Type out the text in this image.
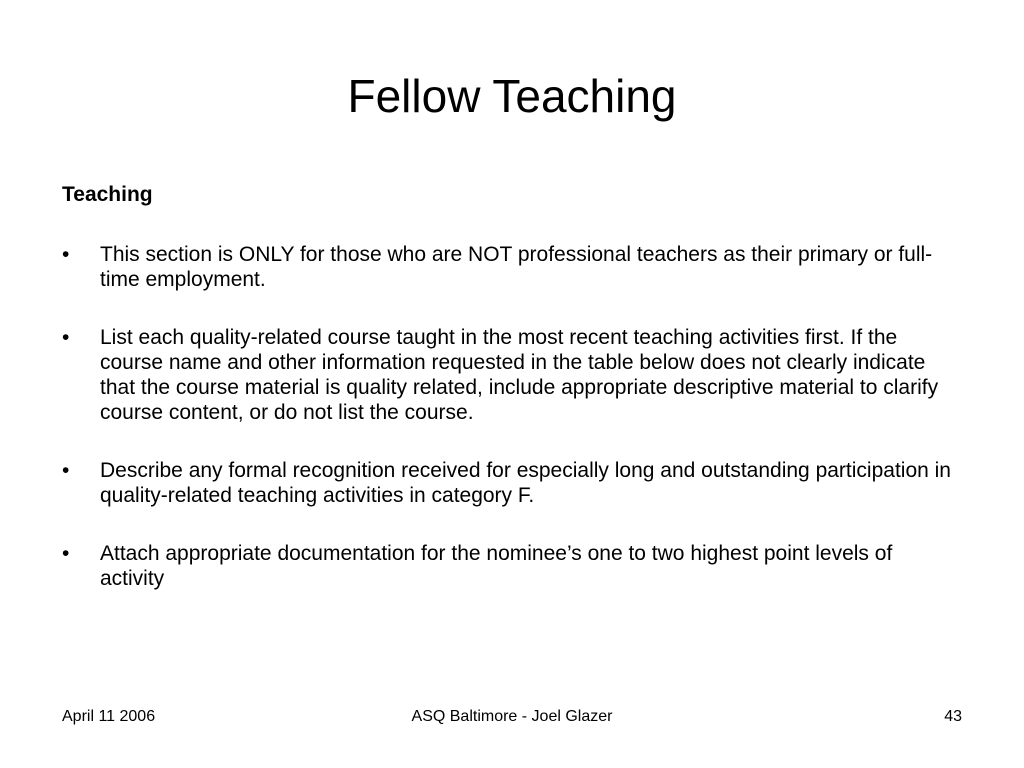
Fellow Teaching
Teaching
•	This section is ONLY for those who are NOT professional teachers as their primary or full-time employment.
•	List each quality-related course taught in the most recent teaching activities first. If the course name and other information requested in the table below does not clearly indicate that the course material is quality related, include appropriate descriptive material to clarify course content, or do not list the course.
•	Describe any formal recognition received for especially long and outstanding participation in quality-related teaching activities in category F.
•	Attach appropriate documentation for the nominee’s one to two highest point levels of activity
April 11 2006	ASQ Baltimore - Joel Glazer	43
